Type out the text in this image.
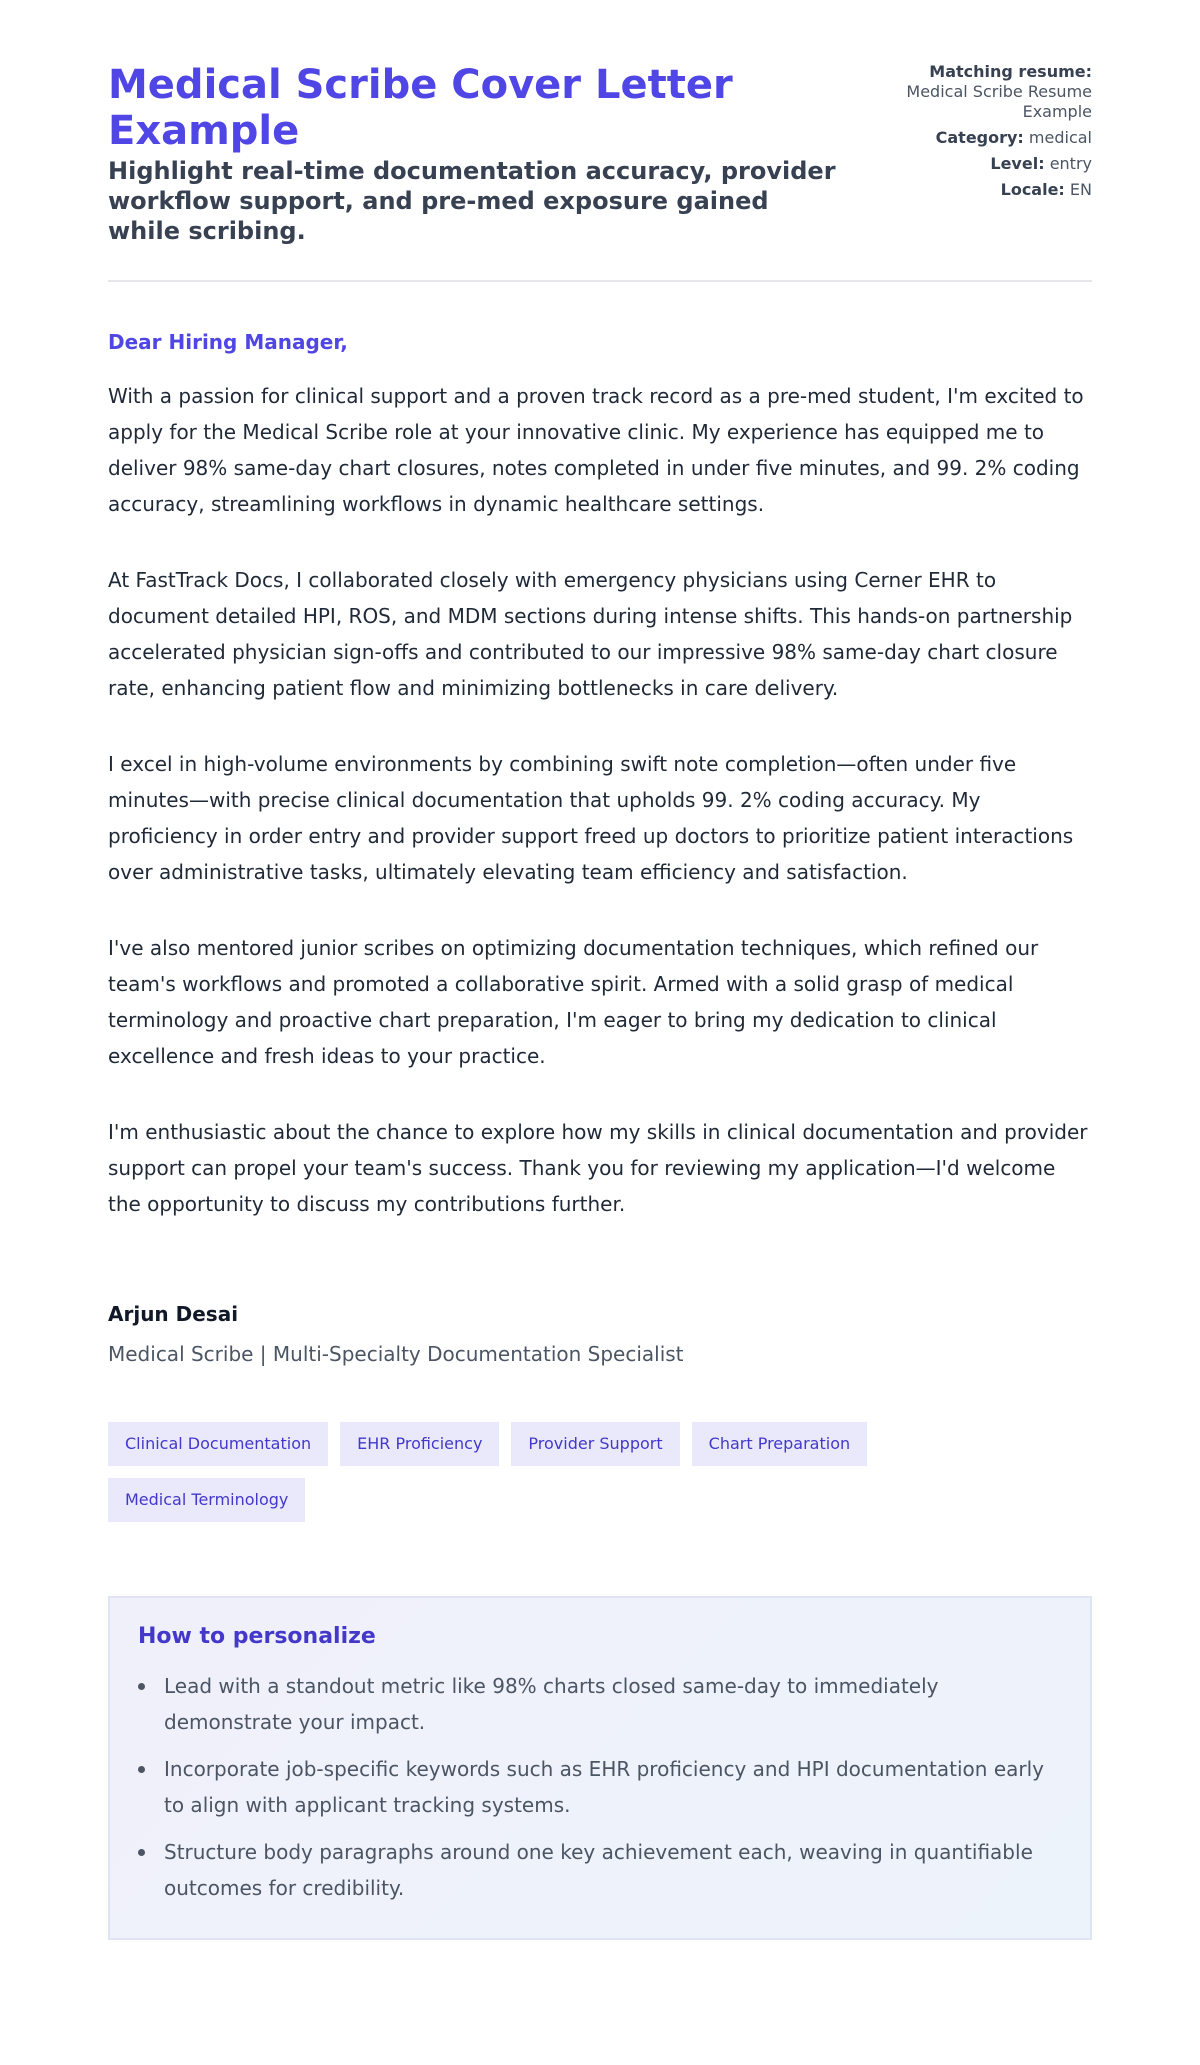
Medical Scribe Cover Letter Example
Highlight real-time documentation accuracy, provider workflow support, and pre-med exposure gained while scribing.
Matching resume:
Medical Scribe Resume Example
Category: medical
Level: entry
Locale: EN
Dear Hiring Manager,

With a passion for clinical support and a proven track record as a pre-med student, I'm excited to apply for the Medical Scribe role at your innovative clinic. My experience has equipped me to deliver 98% same-day chart closures, notes completed in under five minutes, and 99. 2% coding accuracy, streamlining workflows in dynamic healthcare settings.

At FastTrack Docs, I collaborated closely with emergency physicians using Cerner EHR to document detailed HPI, ROS, and MDM sections during intense shifts. This hands-on partnership accelerated physician sign-offs and contributed to our impressive 98% same-day chart closure rate, enhancing patient flow and minimizing bottlenecks in care delivery.

I excel in high-volume environments by combining swift note completion—often under five minutes—with precise clinical documentation that upholds 99. 2% coding accuracy. My proficiency in order entry and provider support freed up doctors to prioritize patient interactions over administrative tasks, ultimately elevating team efficiency and satisfaction.

I've also mentored junior scribes on optimizing documentation techniques, which refined our team's workflows and promoted a collaborative spirit. Armed with a solid grasp of medical terminology and proactive chart preparation, I'm eager to bring my dedication to clinical excellence and fresh ideas to your practice.

I'm enthusiastic about the chance to explore how my skills in clinical documentation and provider support can propel your team's success. Thank you for reviewing my application—I'd welcome the opportunity to discuss my contributions further.

Arjun Desai
Medical Scribe | Multi-Specialty Documentation Specialist
Clinical Documentation	EHR Proficiency	Provider Support	Chart Preparation
Medical Terminology
How to personalize
Lead with a standout metric like 98% charts closed same-day to immediately demonstrate your impact.
Incorporate job-specific keywords such as EHR proficiency and HPI documentation early to align with applicant tracking systems.
Structure body paragraphs around one key achievement each, weaving in quantifiable outcomes for credibility.
